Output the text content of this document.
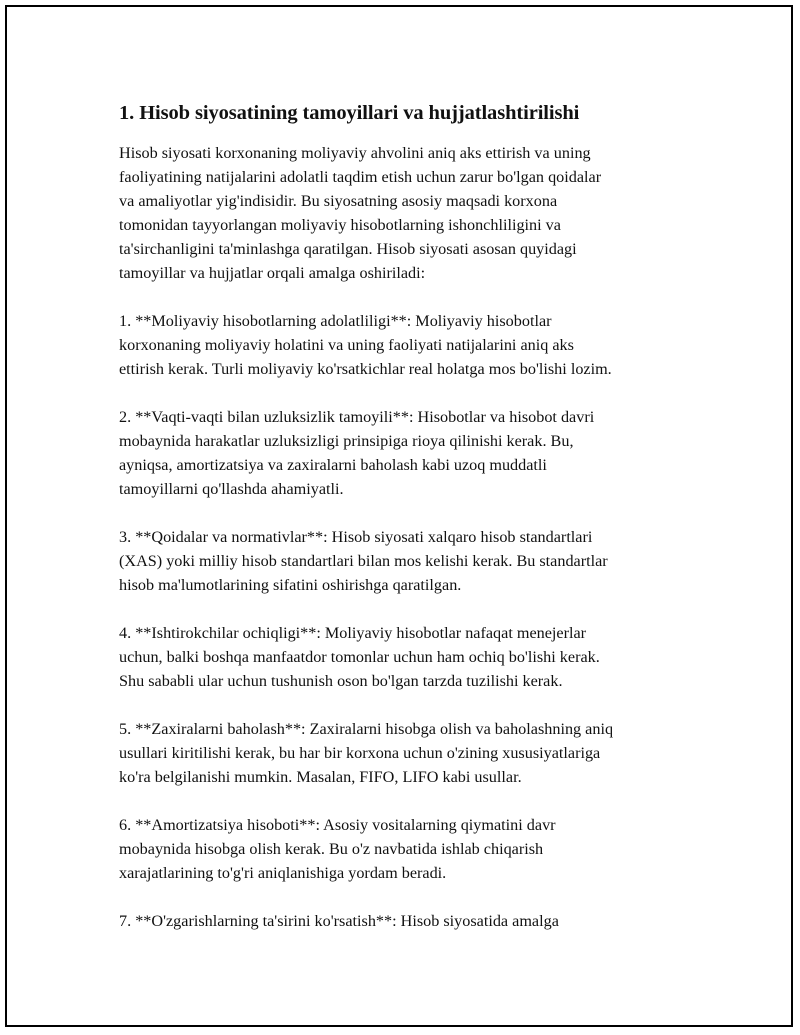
1. Hisob siyosatining tamoyillari va hujjatlashtirilishi

Hisob siyosati korxonaning moliyaviy ahvolini aniq aks ettirish va uning
faoliyatining natijalarini adolatli taqdim etish uchun zarur bo'lgan qoidalar
va amaliyotlar yig'indisidir. Bu siyosatning asosiy maqsadi korxona
tomonidan tayyorlangan moliyaviy hisobotlarning ishonchliligini va
ta'sirchanligini ta'minlashga qaratilgan. Hisob siyosati asosan quyidagi
tamoyillar va hujjatlar orqali amalga oshiriladi:

1. **Moliyaviy hisobotlarning adolatliligi**: Moliyaviy hisobotlar
korxonaning moliyaviy holatini va uning faoliyati natijalarini aniq aks
ettirish kerak. Turli moliyaviy ko'rsatkichlar real holatga mos bo'lishi lozim.

2. **Vaqti-vaqti bilan uzluksizlik tamoyili**: Hisobotlar va hisobot davri
mobaynida harakatlar uzluksizligi prinsipiga rioya qilinishi kerak. Bu,
ayniqsa, amortizatsiya va zaxiralarni baholash kabi uzoq muddatli
tamoyillarni qo'llashda ahamiyatli.

3. **Qoidalar va normativlar**: Hisob siyosati xalqaro hisob standartlari
(XAS) yoki milliy hisob standartlari bilan mos kelishi kerak. Bu standartlar
hisob ma'lumotlarining sifatini oshirishga qaratilgan.

4. **Ishtirokchilar ochiqligi**: Moliyaviy hisobotlar nafaqat menejerlar
uchun, balki boshqa manfaatdor tomonlar uchun ham ochiq bo'lishi kerak.
Shu sababli ular uchun tushunish oson bo'lgan tarzda tuzilishi kerak.

5. **Zaxiralarni baholash**: Zaxiralarni hisobga olish va baholashning aniq
usullari kiritilishi kerak, bu har bir korxona uchun o'zining xususiyatlariga
ko'ra belgilanishi mumkin. Masalan, FIFO, LIFO kabi usullar.

6. **Amortizatsiya hisoboti**: Asosiy vositalarning qiymatini davr
mobaynida hisobga olish kerak. Bu o'z navbatida ishlab chiqarish
xarajatlarining to'g'ri aniqlanishiga yordam beradi.

7. **O'zgarishlarning ta'sirini ko'rsatish**: Hisob siyosatida amalga
